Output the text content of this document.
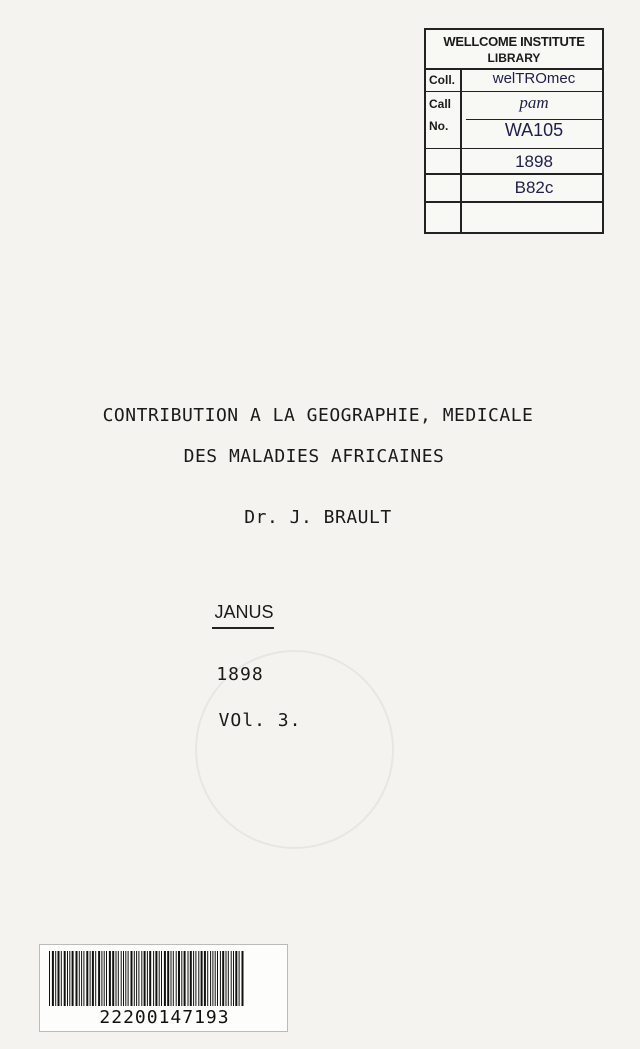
WELLCOME INSTITUTE
LIBRARY
Coll.	welTROmec
Call
No.
pam
WA105
1898
B82c
CONTRIBUTION A LA GEOGRAPHIE, MEDICALE
DES MALADIES AFRICAINES
Dr. J. BRAULT
JANUS
1898
VOl. 3.
22200147193
